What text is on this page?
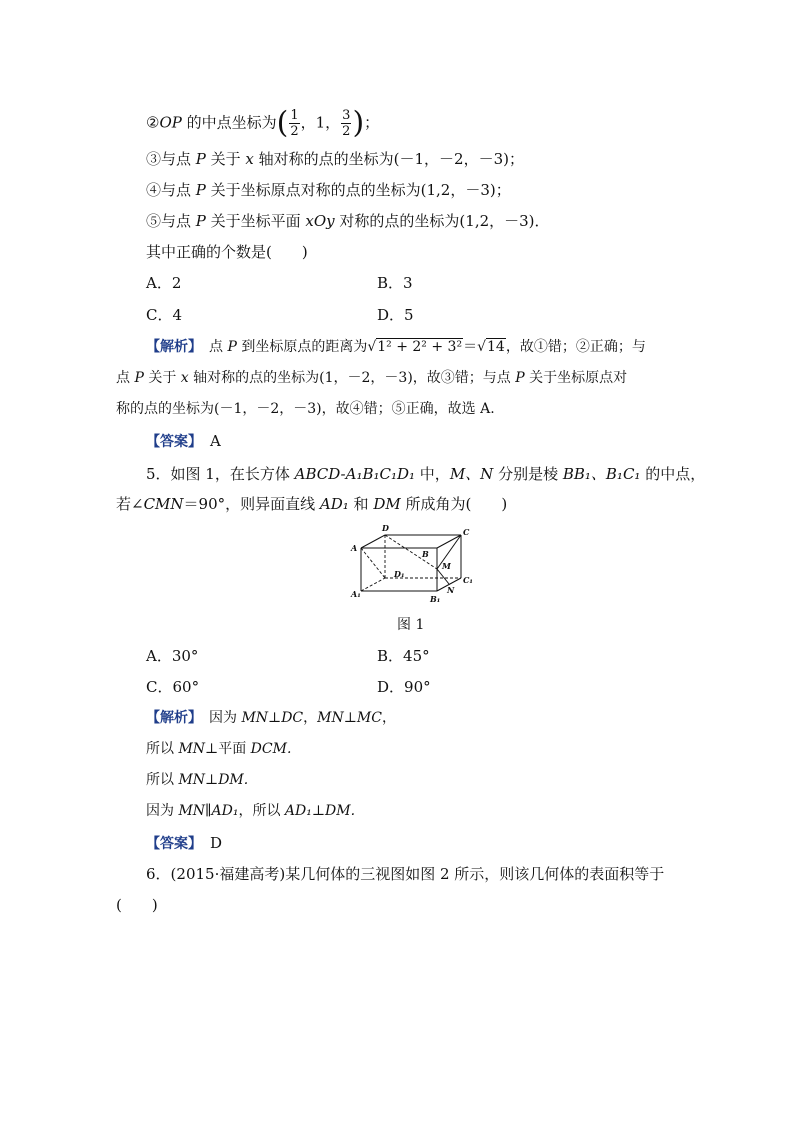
②OP 的中点坐标为( $\frac{1}{2}$ ，1， $\frac{3}{2}$ )；
③与点 P 关于 x 轴对称的点的坐标为(－1，－2，－3)；
④与点 P 关于坐标原点对称的点的坐标为(1,2，－3)；
⑤与点 P 关于坐标平面 xOy 对称的点的坐标为(1,2，－3)．
其中正确的个数是(　　)
A．2	B．3
C．4	D．5
【解析】　点 P 到坐标原点的距离为√1² + 2² + 3²＝√14，故①错；②正确；与
点 P 关于 x 轴对称的点的坐标为(1，－2，－3)，故③错；与点 P 关于坐标原点对
称的点的坐标为(－1，－2，－3)，故④错；⑤正确，故选 A.
【答案】　A
5．如图 1，在长方体 ABCD-A₁B₁C₁D₁ 中，M、N 分别是棱 BB₁、B₁C₁ 的中点，
若∠CMN＝90°，则异面直线 AD₁ 和 DM 所成角为(　　)
A
D	C
B
D₁
M
C₁
A₁	B₁
N
图 1
A．30°	B．45°
C．60°	D．90°
【解析】　因为 MN⊥DC，MN⊥MC，
所以 MN⊥平面 DCM.
所以 MN⊥DM.
因为 MN∥AD₁，所以 AD₁⊥DM.
【答案】　D
6．(2015·福建高考)某几何体的三视图如图 2 所示，则该几何体的表面积等于
(　　)
